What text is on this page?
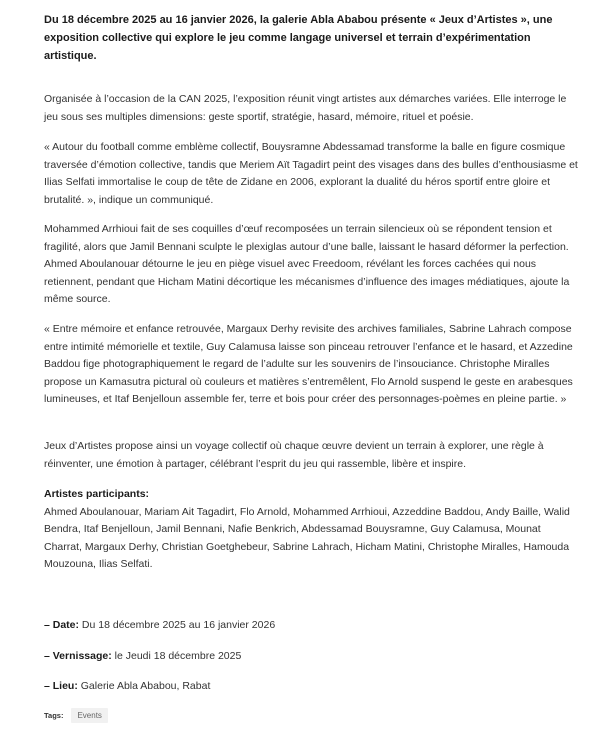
Du 18 décembre 2025 au 16 janvier 2026, la galerie Abla Ababou présente « Jeux d’Artistes », une exposition collective qui explore le jeu comme langage universel et terrain d’expérimentation artistique.

Organisée à l’occasion de la CAN 2025, l’exposition réunit vingt artistes aux démarches variées. Elle interroge le jeu sous ses multiples dimensions: geste sportif, stratégie, hasard, mémoire, rituel et poésie.

« Autour du football comme emblème collectif, Bouysramne Abdessamad transforme la balle en figure cosmique traversée d’émotion collective, tandis que Meriem Aït Tagadirt peint des visages dans des bulles d’enthousiasme et Ilias Selfati immortalise le coup de tête de Zidane en 2006, explorant la dualité du héros sportif entre gloire et brutalité. », indique un communiqué.

Mohammed Arrhioui fait de ses coquilles d’œuf recomposées un terrain silencieux où se répondent tension et fragilité, alors que Jamil Bennani sculpte le plexiglas autour d’une balle, laissant le hasard déformer la perfection. Ahmed Aboulanouar détourne le jeu en piège visuel avec Freedoom, révélant les forces cachées qui nous retiennent, pendant que Hicham Matini décortique les mécanismes d’influence des images médiatiques, ajoute la même source.

« Entre mémoire et enfance retrouvée, Margaux Derhy revisite des archives familiales, Sabrine Lahrach compose entre intimité mémorielle et textile, Guy Calamusa laisse son pinceau retrouver l’enfance et le hasard, et Azzedine Baddou fige photographiquement le regard de l’adulte sur les souvenirs de l’insouciance. Christophe Miralles propose un Kamasutra pictural où couleurs et matières s’entremêlent, Flo Arnold suspend le geste en arabesques lumineuses, et Itaf Benjelloun assemble fer, terre et bois pour créer des personnages-poèmes en pleine partie. »

Jeux d’Artistes propose ainsi un voyage collectif où chaque œuvre devient un terrain à explorer, une règle à réinventer, une émotion à partager, célébrant l’esprit du jeu qui rassemble, libère et inspire.

Artistes participants:
Ahmed Aboulanouar, Mariam Ait Tagadirt, Flo Arnold, Mohammed Arrhioui, Azzeddine Baddou, Andy Baille, Walid Bendra, Itaf Benjelloun, Jamil Bennani, Nafie Benkrich, Abdessamad Bouysramne, Guy Calamusa, Mounat Charrat, Margaux Derhy, Christian Goetghebeur, Sabrine Lahrach, Hicham Matini, Christophe Miralles, Hamouda Mouzouna, Ilias Selfati.

– Date: Du 18 décembre 2025 au 16 janvier 2026

– Vernissage: le Jeudi 18 décembre 2025

– Lieu: Galerie Abla Ababou, Rabat

Tags:	Events
